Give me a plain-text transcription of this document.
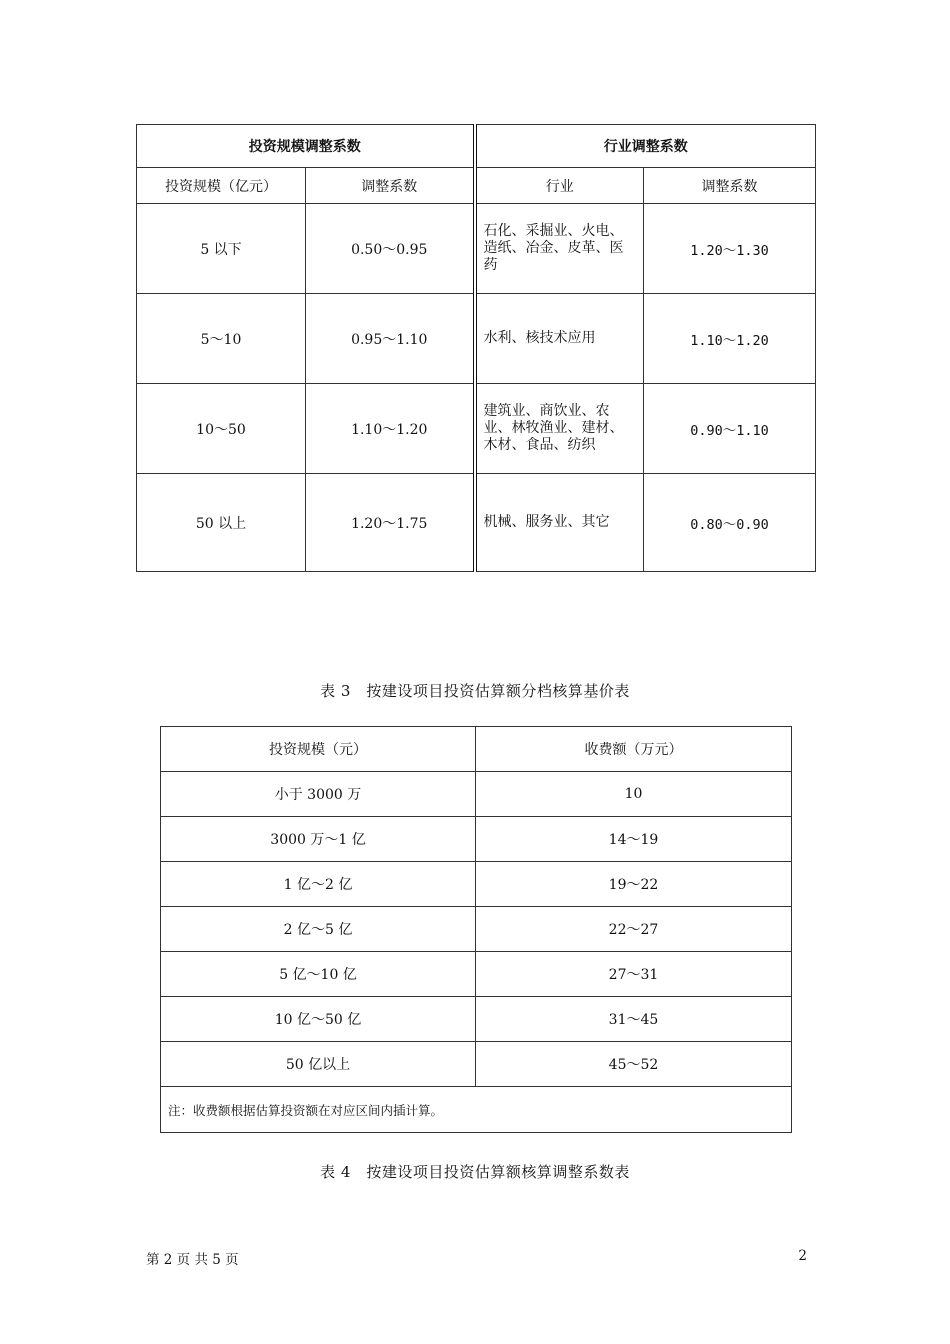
投资规模调整系数		行业调整系数	
投资规模（亿元）	调整系数	行业	调整系数
5 以下	0.50～0.95	石化、采掘业、火电、造纸、冶金、皮革、医药	1.20～1.30
5～10	0.95～1.10	水利、核技术应用	1.10～1.20
10～50	1.10～1.20	建筑业、商饮业、农业、林牧渔业、建材、木材、食品、纺织	0.90～1.10
50 以上	1.20～1.75	机械、服务业、其它	0.80～0.90
表 3　按建设项目投资估算额分档核算基价表
投资规模（元）	收费额（万元）
小于 3000 万	10
3000 万～1 亿	14～19
1 亿～2 亿	19～22
2 亿～5 亿	22～27
5 亿～10 亿	27～31
10 亿～50 亿	31～45
50 亿以上	45～52
注：收费额根据估算投资额在对应区间内插计算。	
表 4　按建设项目投资估算额核算调整系数表
第 2 页 共 5 页	2
